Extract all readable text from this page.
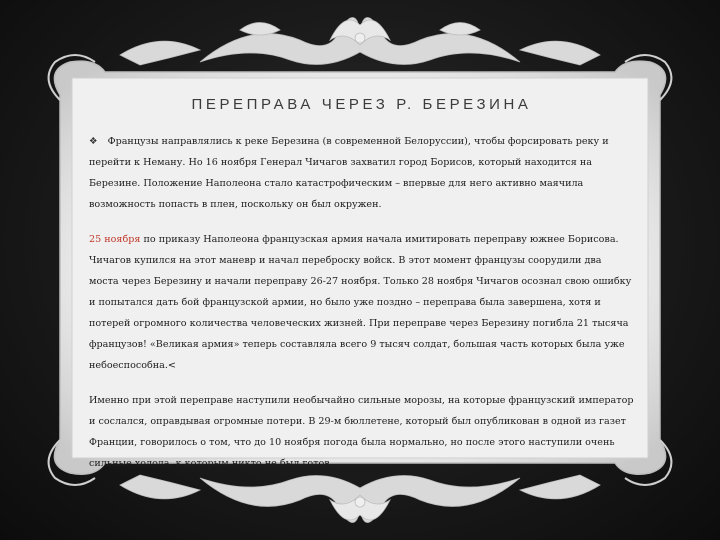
ПЕРЕПРАВА ЧЕРЕЗ Р. БЕРЕЗИНА

❖ Французы направлялись к реке Березина (в современной Белоруссии), чтобы форсировать реку и перейти к Неману. Но 16 ноября Генерал Чичагов захватил город Борисов, который находится на Березине. Положение Наполеона стало катастрофическим – впервые для него активно маячила возможность попасть в плен, поскольку он был окружен.

25 ноября по приказу Наполеона французская армия начала имитировать переправу южнее Борисова. Чичагов купился на этот маневр и начал переброску войск. В этот момент французы соорудили два моста через Березину и начали переправу 26-27 ноября. Только 28 ноября Чичагов осознал свою ошибку и попытался дать бой французской армии, но было уже поздно – переправа была завершена, хотя и потерей огромного количества человеческих жизней. При переправе через Березину погибла 21 тысяча французов! «Великая армия» теперь составляла всего 9 тысяч солдат, большая часть которых была уже небоеспособна.<

Именно при этой переправе наступили необычайно сильные морозы, на которые французский император и сослался, оправдывая огромные потери. В 29-м бюллетене, который был опубликован в одной из газет Франции, говорилось о том, что до 10 ноября погода была нормально, но после этого наступили очень сильные холода, к которым никто не был готов.
